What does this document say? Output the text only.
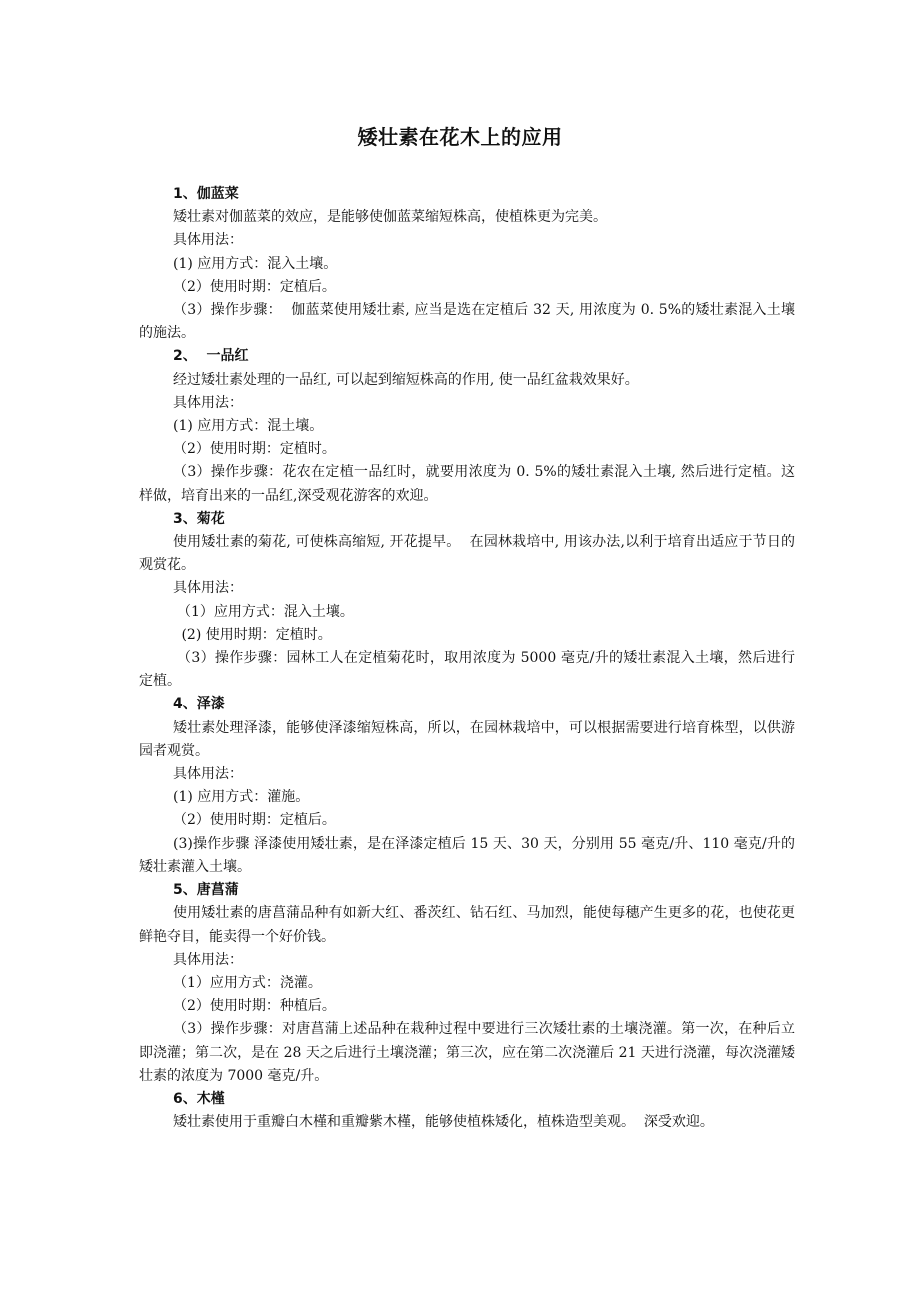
矮壮素在花木上的应用
1、伽蓝菜
矮壮素对伽蓝菜的效应，是能够使伽蓝菜缩短株高，使植株更为完美。
具体用法：
(1) 应用方式：混入土壤。
（2）使用时期：定植后。
（3）操作步骤：  伽蓝菜使用矮壮素, 应当是选在定植后 32 天, 用浓度为 0. 5%的矮壮素混入土壤的施法。
2、  一品红
经过矮壮素处理的一品红, 可以起到缩短株高的作用, 使一品红盆栽效果好。
具体用法：
(1) 应用方式：混土壤。
（2）使用时期：定植时。
（3）操作步骤：花农在定植一品红时，就要用浓度为 0. 5%的矮壮素混入土壤, 然后进行定植。这样做，培育出来的一品红,深受观花游客的欢迎。
3、菊花
使用矮壮素的菊花, 可使株高缩短, 开花提早。  在园林栽培中, 用该办法,以利于培育出适应于节日的观赏花。
具体用法：
（1）应用方式：混入土壤。
(2) 使用时期：定植时。
（3）操作步骤：园林工人在定植菊花时，取用浓度为 5000 毫克/升的矮壮素混入土壤，然后进行定植。
4、泽漆
矮壮素处理泽漆，能够使泽漆缩短株高，所以，在园林栽培中，可以根据需要进行培育株型，以供游园者观赏。
具体用法：
(1) 应用方式：灌施。
（2）使用时期：定植后。
(3)操作步骤 泽漆使用矮壮素，是在泽漆定植后 15 天、30 天，分别用 55 毫克/升、110 毫克/升的矮壮素灌入土壤。
5、唐菖蒲
使用矮壮素的唐菖蒲品种有如新大红、番茨红、钻石红、马加烈，能使每穗产生更多的花，也使花更鲜艳夺目，能卖得一个好价钱。
具体用法：
（1）应用方式：浇灌。
（2）使用时期：种植后。
（3）操作步骤：对唐菖蒲上述品种在栽种过程中要进行三次矮壮素的土壤浇灌。第一次，在种后立即浇灌；第二次，是在 28 天之后进行土壤浇灌；第三次，应在第二次浇灌后 21 天进行浇灌，每次浇灌矮壮素的浓度为 7000 毫克/升。
6、木槿
矮壮素使用于重瓣白木槿和重瓣紫木槿，能够使植株矮化，植株造型美观。  深受欢迎。
